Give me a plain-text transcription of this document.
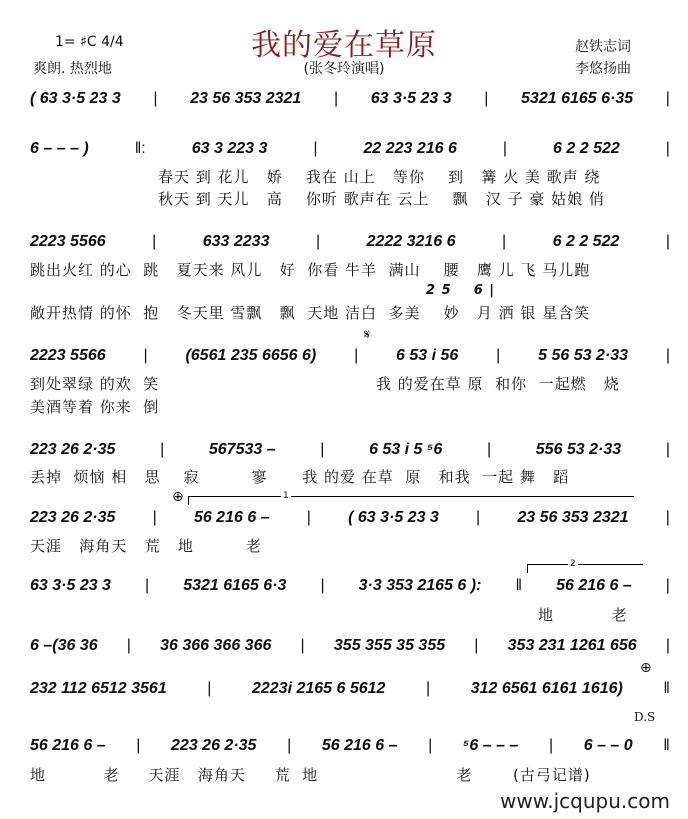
我的爱在草原
1= ♯C 4/4
爽朗. 热烈地	(张冬玲演唱)
赵铁志词
李悠扬曲
( 63 3·5 23 3 | 23 56 353 2321 | 63 3·5 23 3 | 5321 6165 6·35 |
6 – – – )	‖:	63 3 223 3	|	22 223 216 6	|	6 2 2 522	|
2223 5566	|	633 2233	|	2222 3216 6	|	6 2 2 522	|
2223 5566 | (6561 235 6656 6) | 6 53 i 56 | 5 56 53 2·33 |
223 26 2·35	|	567533 –	|	6 53 i 5 ⁵6	|	556 53 2·33	|
223 26 2·35 | 56 216 6 – | ( 63 3·5 23 3 | 23 56 353 2321 |
63 3·5 23 3 | 5321 6165 6·3 | 3·3 353 2165 6 ): ‖ 56 216 6 – |
6 –(36 36 | 36 366 366 366 | 355 355 35 355 | 353 231 1261 656 |
232 112 6512 3561	|	2223i 2165 6 5612	|	312 6561 6161 1616)	‖
56 216 6 – | 223 26 2·35 | 56 216 6 – | ⁵6 – – – | 6 – – 0 ‖
春天 到 花儿   娇    我在 山上   等你    到   篝 火 美 歌声 绕
秋天 到 天儿   高    你听 歌声在 云上    飘   汉 子 豪 姑娘 俏
跳出火红 的心  跳   夏天来 风儿   好  你看 牛羊  满山    腰   鹰 儿 飞 马儿跑
2 5    6 |
敞开热情 的怀  抱   冬天里 雪飘   飘  天地 洁白  多美    妙   月 洒 银 星含笑
到处翠绿 的欢  笑	我 的爱在草 原  和你  一起燃   烧
美酒等着 你来  倒
丢掉  烦恼 相   思    寂         寥      我 的爱 在草  原   和我  一起 舞   蹈
天涯   海角天   荒   地         老
地          老
地          老     天涯   海角天     荒  地                        老       (古弓记谱)
𝄋
⊕
⊕
D.S
1
2
www.jcqupu.com
